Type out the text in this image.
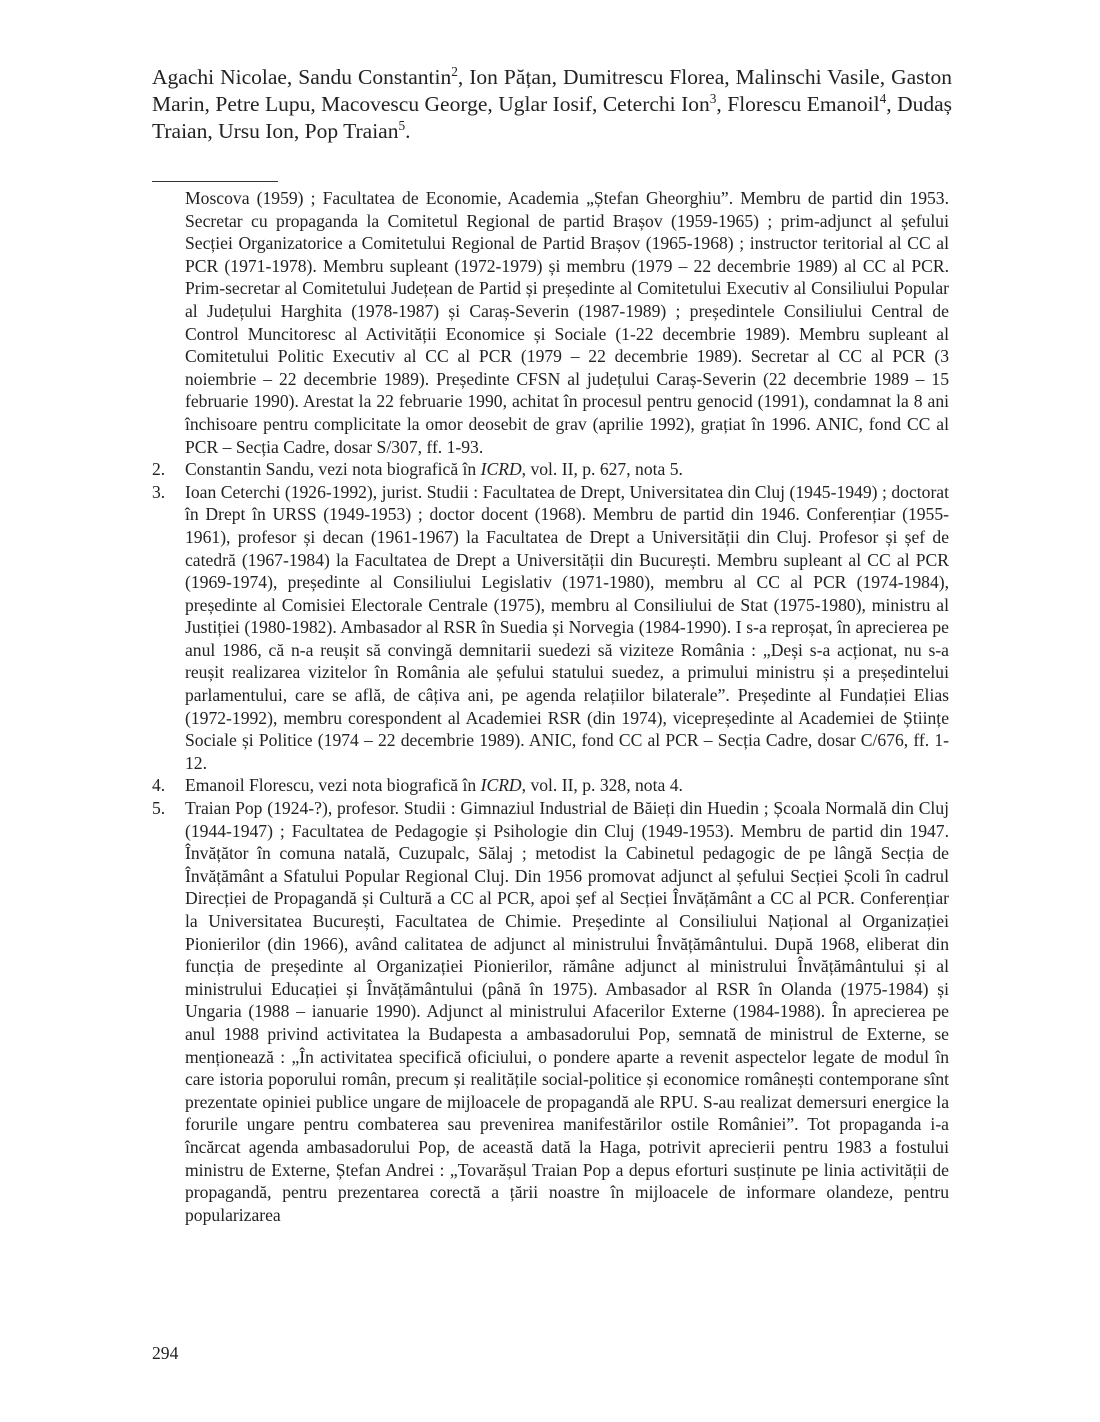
Agachi Nicolae, Sandu Constantin$^2$, Ion Pățan, Dumitrescu Florea, Malinschi Vasile, Gaston Marin, Petre Lupu, Macovescu George, Uglar Iosif, Ceterchi Ion$^3$, Florescu Emanoil$^4$, Dudaș Traian, Ursu Ion, Pop Traian$^5$.

Moscova (1959) ; Facultatea de Economie, Academia „Ștefan Gheorghiu”. Membru de partid din 1953. Secretar cu propaganda la Comitetul Regional de partid Brașov (1959-1965) ; prim-adjunct al șefului Secției Organizatorice a Comitetului Regional de Partid Brașov (1965-1968) ; instructor teritorial al CC al PCR (1971-1978). Membru supleant (1972-1979) și membru (1979 – 22 decembrie 1989) al CC al PCR. Prim-secretar al Comitetului Județean de Partid și președinte al Comitetului Executiv al Consiliului Popular al Județului Harghita (1978-1987) și Caraș-Severin (1987-1989) ; președintele Consiliului Central de Control Muncitoresc al Activității Economice și Sociale (1-22 decembrie 1989). Membru supleant al Comitetului Politic Executiv al CC al PCR (1979 – 22 decembrie 1989). Secretar al CC al PCR (3 noiembrie – 22 decembrie 1989). Președinte CFSN al județului Caraș-Severin (22 decembrie 1989 – 15 februarie 1990). Arestat la 22 februarie 1990, achitat în procesul pentru genocid (1991), condamnat la 8 ani închisoare pentru complicitate la omor deosebit de grav (aprilie 1992), grațiat în 1996. ANIC, fond CC al PCR – Secția Cadre, dosar S/307, ff. 1-93.
2.	Constantin Sandu, vezi nota biografică în ICRD, vol. II, p. 627, nota 5.
3.	Ioan Ceterchi (1926-1992), jurist. Studii : Facultatea de Drept, Universitatea din Cluj (1945-1949) ; doctorat în Drept în URSS (1949-1953) ; doctor docent (1968). Membru de partid din 1946. Conferențiar (1955-1961), profesor și decan (1961-1967) la Facultatea de Drept a Universității din Cluj. Profesor și șef de catedră (1967-1984) la Facultatea de Drept a Universității din București. Membru supleant al CC al PCR (1969-1974), președinte al Consiliului Legislativ (1971-1980), membru al CC al PCR (1974-1984), președinte al Comisiei Electorale Centrale (1975), membru al Consiliului de Stat (1975-1980), ministru al Justiției (1980-1982). Ambasador al RSR în Suedia și Norvegia (1984-1990). I s-a reproșat, în aprecierea pe anul 1986, că n-a reușit să convingă demnitarii suedezi să viziteze România : „Deși s-a acționat, nu s-a reușit realizarea vizitelor în România ale șefului statului suedez, a primului ministru și a președintelui parlamentului, care se află, de câțiva ani, pe agenda relațiilor bilaterale”. Președinte al Fundației Elias (1972-1992), membru corespondent al Academiei RSR (din 1974), vicepreședinte al Academiei de Științe Sociale și Politice (1974 – 22 decembrie 1989). ANIC, fond CC al PCR – Secția Cadre, dosar C/676, ff. 1-12.
4.	Emanoil Florescu, vezi nota biografică în ICRD, vol. II, p. 328, nota 4.
5.	Traian Pop (1924-?), profesor. Studii : Gimnaziul Industrial de Băieți din Huedin ; Școala Normală din Cluj (1944-1947) ; Facultatea de Pedagogie și Psihologie din Cluj (1949-1953). Membru de partid din 1947. Învățător în comuna natală, Cuzupalc, Sălaj ; metodist la Cabinetul pedagogic de pe lângă Secția de Învățământ a Sfatului Popular Regional Cluj. Din 1956 promovat adjunct al șefului Secției Școli în cadrul Direcției de Propagandă și Cultură a CC al PCR, apoi șef al Secției Învățământ a CC al PCR. Conferențiar la Universitatea București, Facultatea de Chimie. Președinte al Consiliului Național al Organizației Pionierilor (din 1966), având calitatea de adjunct al ministrului Învățământului. După 1968, eliberat din funcția de președinte al Organizației Pionierilor, rămâne adjunct al ministrului Învățământului și al ministrului Educației și Învățământului (până în 1975). Ambasador al RSR în Olanda (1975-1984) și Ungaria (1988 – ianuarie 1990). Adjunct al ministrului Afacerilor Externe (1984-1988). În aprecierea pe anul 1988 privind activitatea la Budapesta a ambasadorului Pop, semnată de ministrul de Externe, se menționează : „În activitatea specifică oficiului, o pondere aparte a revenit aspectelor legate de modul în care istoria poporului român, precum și realitățile social-politice și economice românești contemporane sînt prezentate opiniei publice ungare de mijloacele de propagandă ale RPU. S-au realizat demersuri energice la forurile ungare pentru combaterea sau prevenirea manifestărilor ostile României”. Tot propaganda i-a încărcat agenda ambasadorului Pop, de această dată la Haga, potrivit aprecierii pentru 1983 a fostului ministru de Externe, Ștefan Andrei : „Tovarășul Traian Pop a depus eforturi susținute pe linia activității de propagandă, pentru prezentarea corectă a țării noastre în mijloacele de informare olandeze, pentru popularizarea
294
